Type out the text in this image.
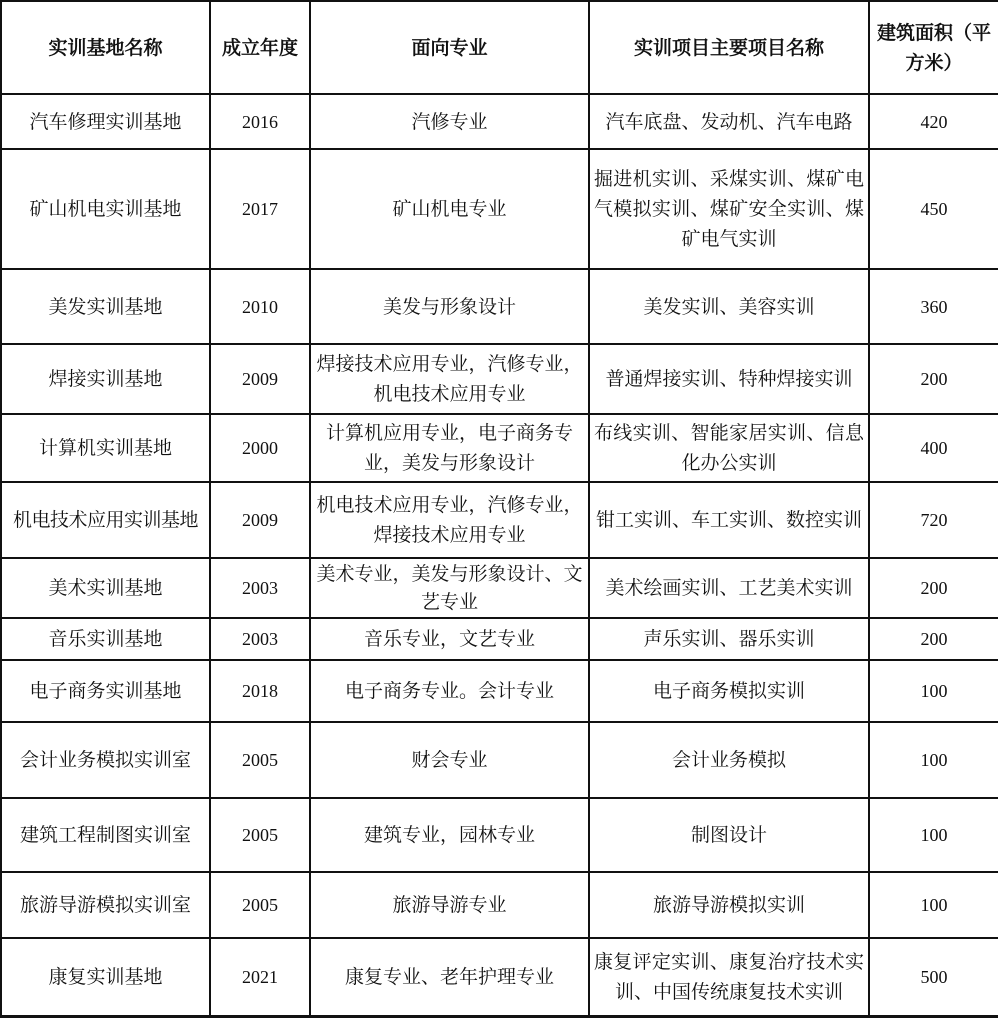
实训基地名称	成立年度	面向专业	实训项目主要项目名称	建筑面积（平方米）
汽车修理实训基地	2016	汽修专业	汽车底盘、发动机、汽车电路	420
矿山机电实训基地	2017	矿山机电专业	掘进机实训、采煤实训、煤矿电气模拟实训、煤矿安全实训、煤矿电气实训	450
美发实训基地	2010	美发与形象设计	美发实训、美容实训	360
焊接实训基地	2009	焊接技术应用专业，汽修专业，机电技术应用专业	普通焊接实训、特种焊接实训	200
计算机实训基地	2000	计算机应用专业，电子商务专业，美发与形象设计	布线实训、智能家居实训、信息化办公实训	400
机电技术应用实训基地	2009	机电技术应用专业，汽修专业，焊接技术应用专业	钳工实训、车工实训、数控实训	720
美术实训基地	2003	美术专业，美发与形象设计、文艺专业	美术绘画实训、工艺美术实训	200
音乐实训基地	2003	音乐专业，文艺专业	声乐实训、器乐实训	200
电子商务实训基地	2018	电子商务专业。会计专业	电子商务模拟实训	100
会计业务模拟实训室	2005	财会专业	会计业务模拟	100
建筑工程制图实训室	2005	建筑专业，园林专业	制图设计	100
旅游导游模拟实训室	2005	旅游导游专业	旅游导游模拟实训	100
康复实训基地	2021	康复专业、老年护理专业	康复评定实训、康复治疗技术实训、中国传统康复技术实训	500
